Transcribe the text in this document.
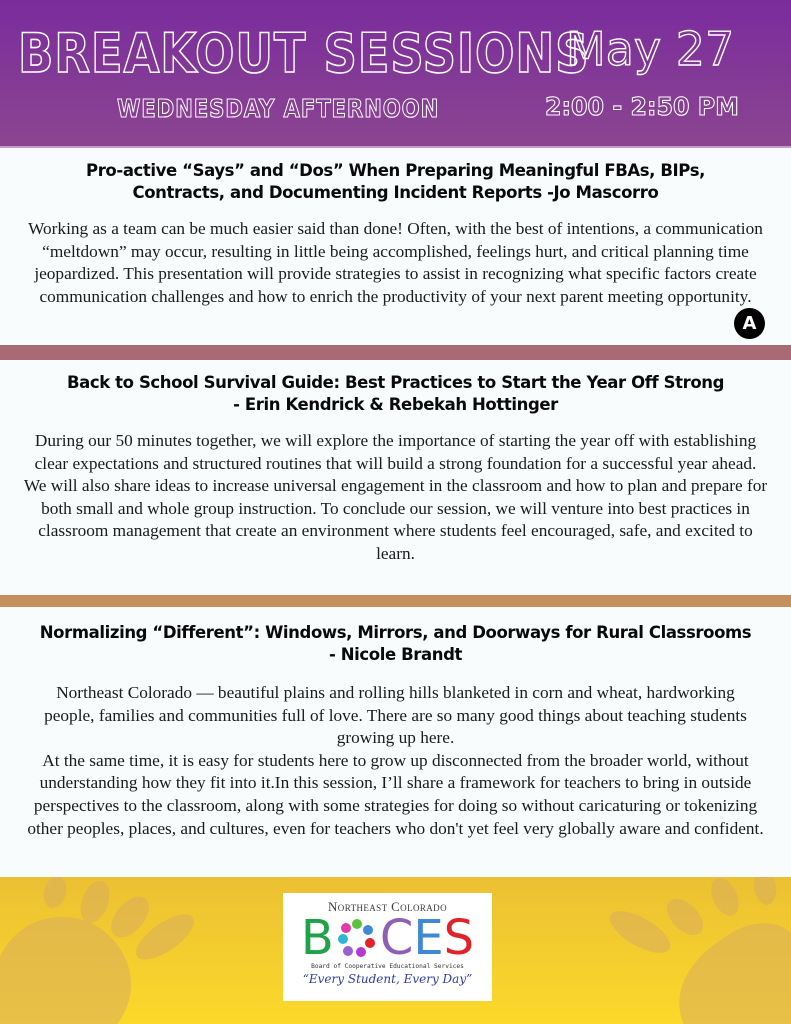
BREAKOUT SESSIONS
May 27
WEDNESDAY AFTERNOON	2:00 - 2:50 PM
Pro-active “Says” and “Dos” When Preparing Meaningful FBAs, BIPs,
Contracts, and Documenting Incident Reports -Jo Mascorro
Working as a team can be much easier said than done! Often, with the best of intentions, a communication “meltdown” may occur, resulting in little being accomplished, feelings hurt, and critical planning time jeopardized. This presentation will provide strategies to assist in recognizing what specific factors create communication challenges and how to enrich the productivity of your next parent meeting opportunity.
A
Back to School Survival Guide: Best Practices to Start the Year Off Strong
- Erin Kendrick & Rebekah Hottinger
During our 50 minutes together, we will explore the importance of starting the year off with establishing clear expectations and structured routines that will build a strong foundation for a successful year ahead. We will also share ideas to increase universal engagement in the classroom and how to plan and prepare for both small and whole group instruction. To conclude our session, we will venture into best practices in classroom management that create an environment where students feel encouraged, safe, and excited to learn.
Normalizing “Different”: Windows, Mirrors, and Doorways for Rural Classrooms
- Nicole Brandt
Northeast Colorado — beautiful plains and rolling hills blanketed in corn and wheat, hardworking people, families and communities full of love. There are so many good things about teaching students growing up here.
At the same time, it is easy for students here to grow up disconnected from the broader world, without understanding how they fit into it.In this session, I’ll share a framework for teachers to bring in outside perspectives to the classroom, along with some strategies for doing so without caricaturing or tokenizing other peoples, places, and cultures, even for teachers who don't yet feel very globally aware and confident.
Northeast Colorado
B C E S
Board of Cooperative Educational Services
“Every Student, Every Day”
